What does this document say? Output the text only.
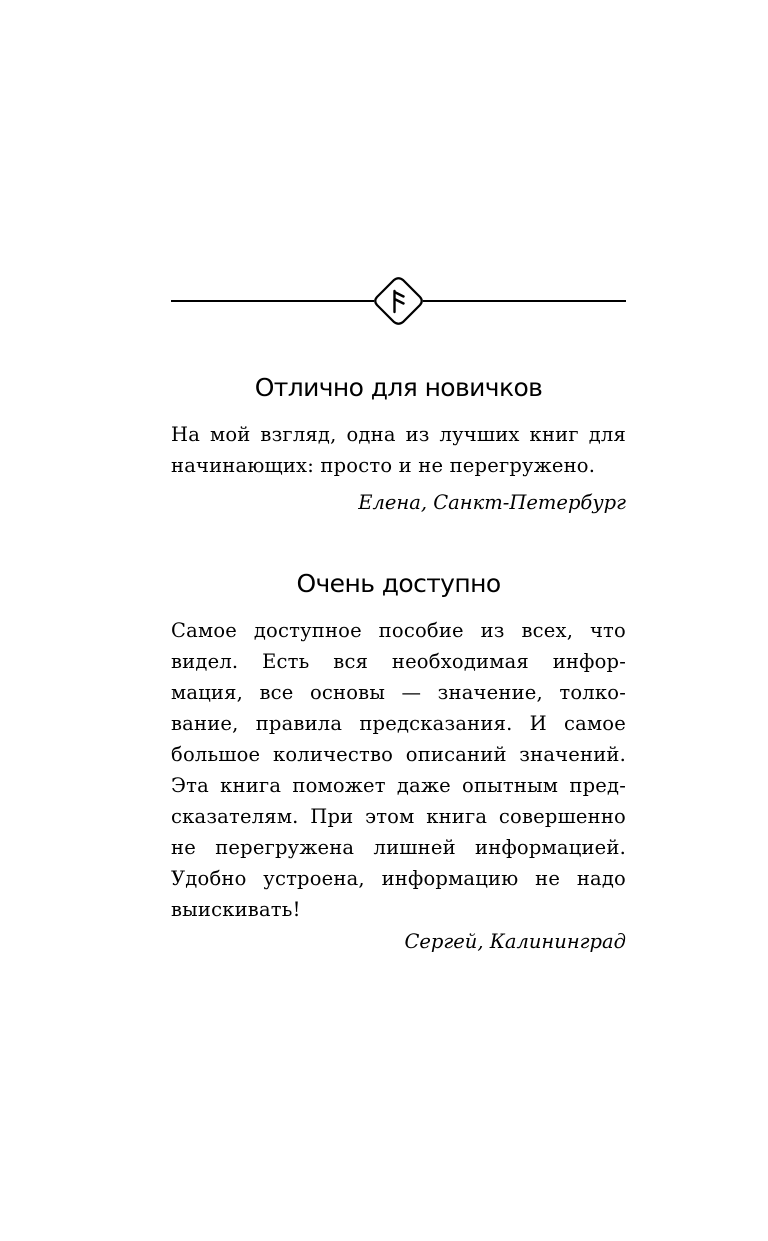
Отлично для новичков
На мой взгляд, одна из лучших книг для
начинающих: просто и не перегружено.

Елена, Санкт-Петербург

Очень доступно
Самое доступное пособие из всех, что
видел. Есть вся необходимая инфор-
мация, все основы — значение, толко-
вание, правила предсказания. И самое
большое количество описаний значений.
Эта книга поможет даже опытным пред-
сказателям. При этом книга совершенно
не перегружена лишней информацией.
Удобно устроена, информацию не надо
выискивать!

Сергей, Калининград
